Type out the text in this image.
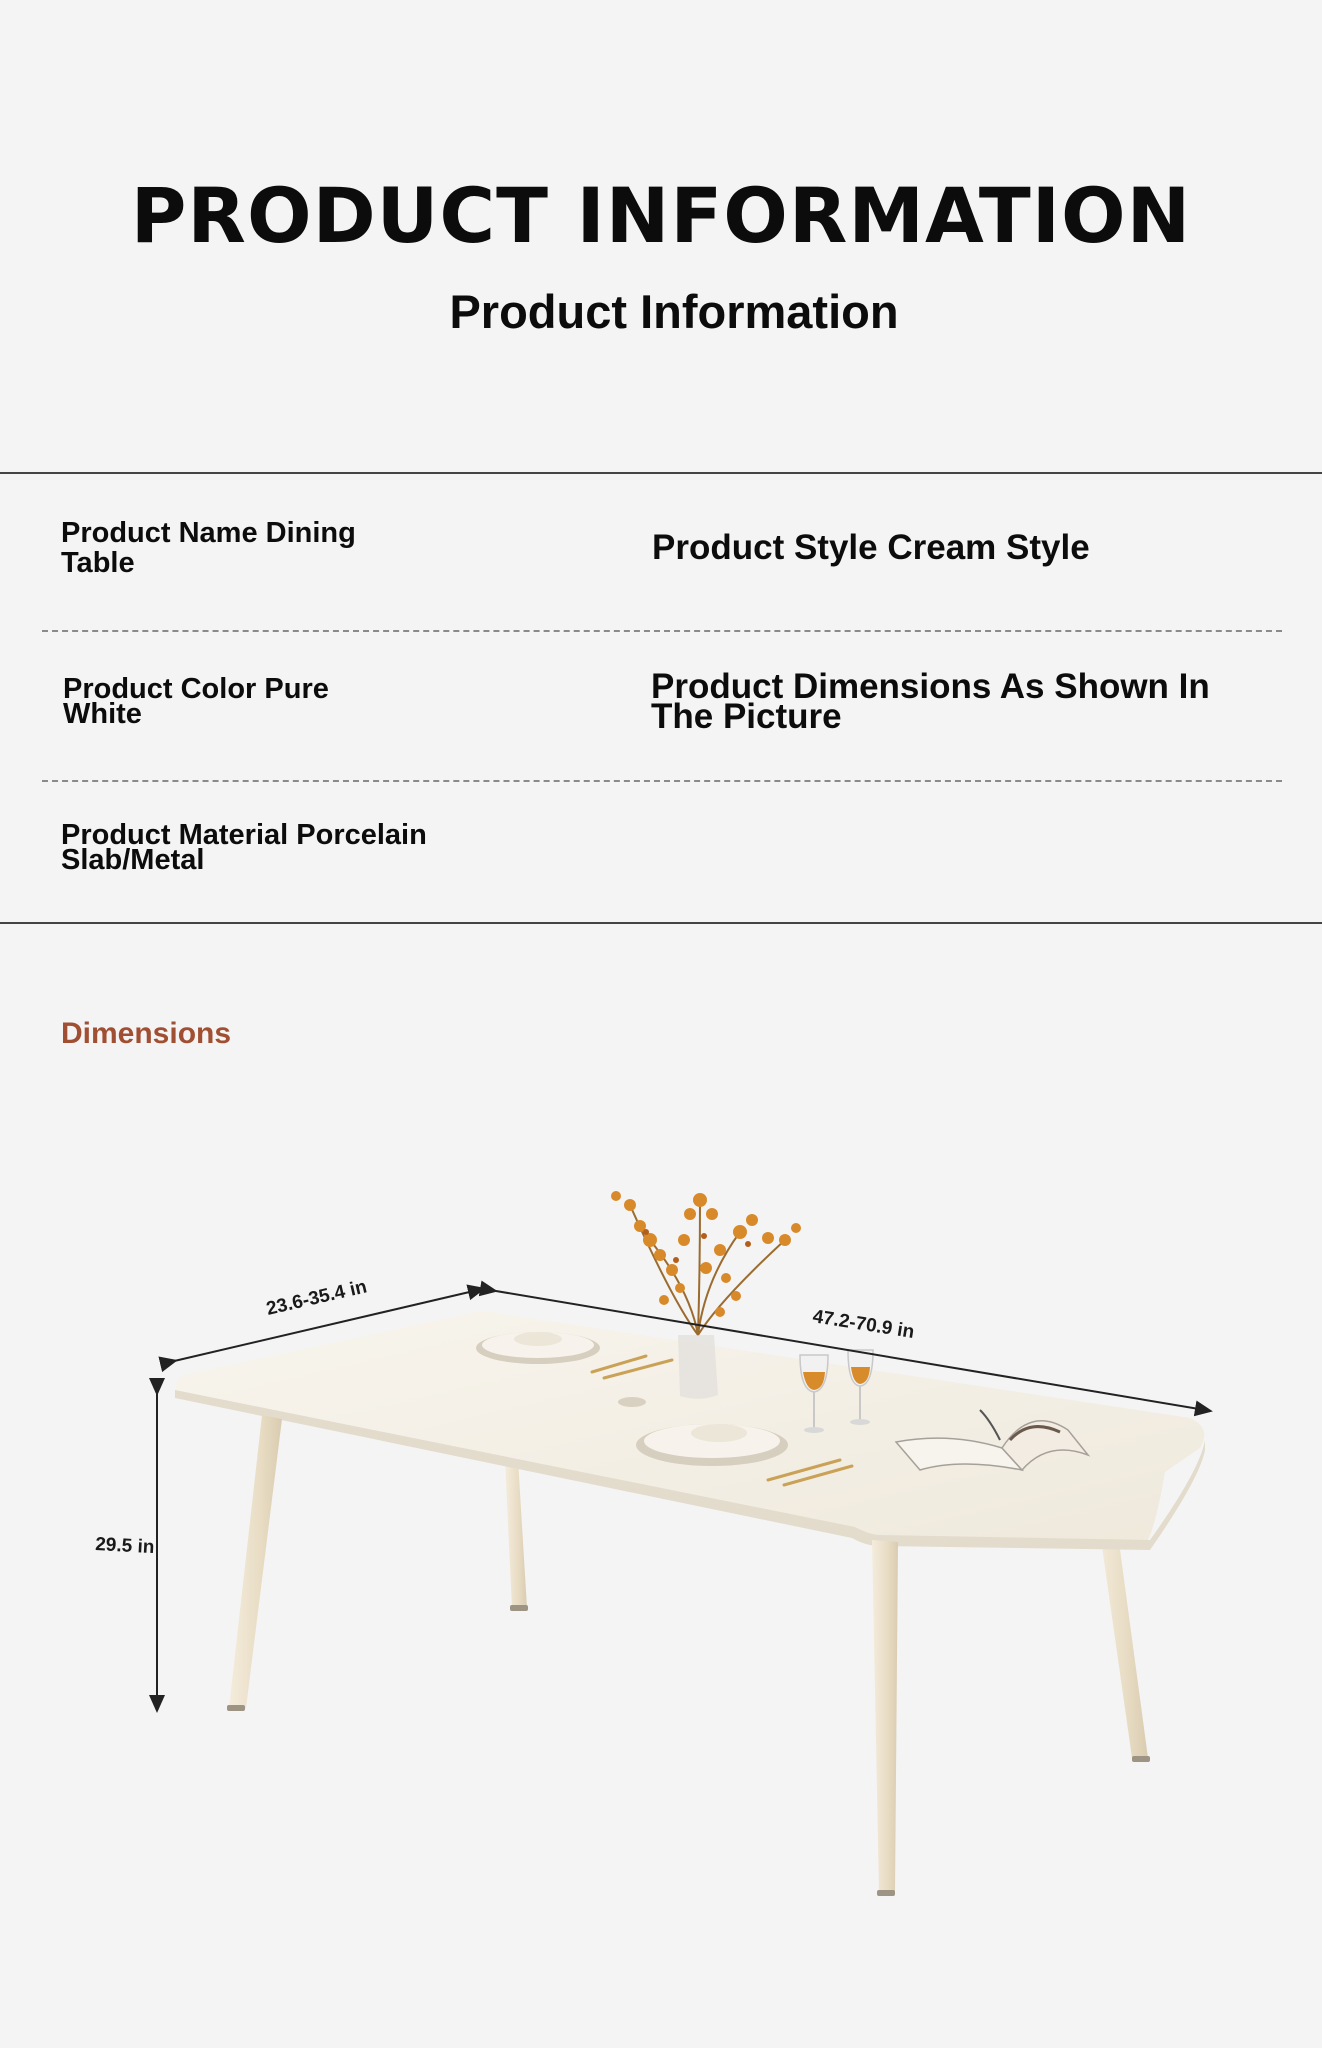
PRODUCT INFORMATION
Product Information
Product Name Dining Table	Product Style Cream Style
Product Color Pure White
Product Dimensions As Shown In The Picture
Product Material Porcelain Slab/Metal
Dimensions
23.6-35.4 in
47.2-70.9 in
29.5 in
